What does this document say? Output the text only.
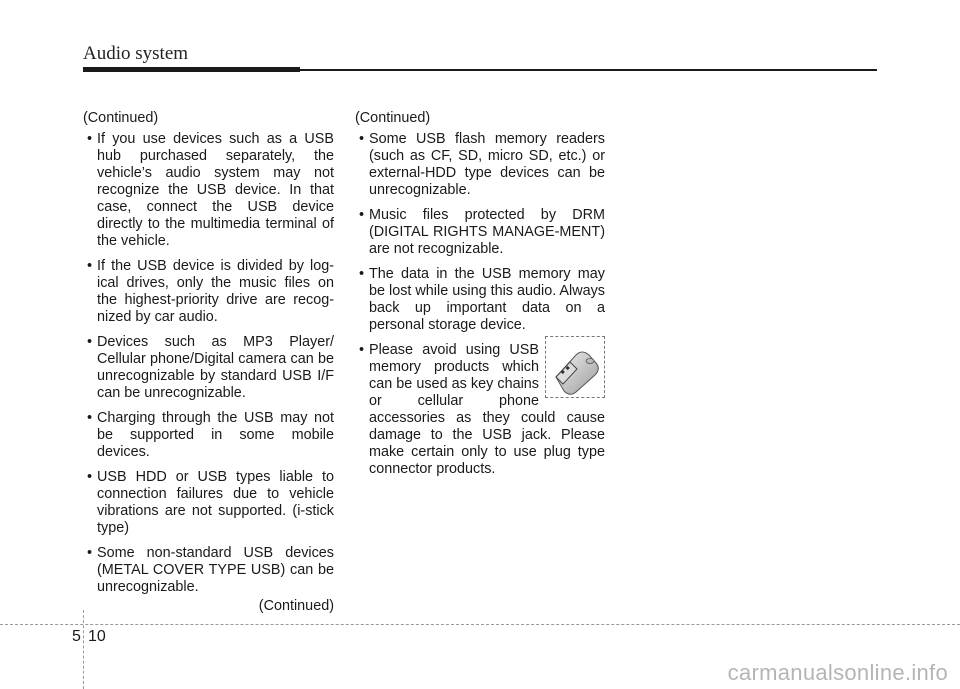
Audio system
(Continued)
• If you use devices such as a USB hub purchased separately, the vehicle’s audio system may not recognize the USB device. In that case, connect the USB device directly to the multimedia terminal of the vehicle.
• If the USB device is divided by log-ical drives, only the music files on the highest-priority drive are recog-nized by car audio.
• Devices such as MP3 Player/ Cellular phone/Digital camera can be unrecognizable by standard USB I/F can be unrecognizable.
• Charging through the USB may not be supported in some mobile devices.
• USB HDD or USB types liable to connection failures due to vehicle vibrations are not supported. (i-stick type)
• Some non-standard USB devices (METAL COVER TYPE USB) can be unrecognizable.
(Continued)
(Continued)
• Some USB flash memory readers (such as CF, SD, micro SD, etc.) or external-HDD type devices can be unrecognizable.
• Music files protected by DRM (DIGITAL RIGHTS MANAGE-MENT) are not recognizable.
• The data in the USB memory may be lost while using this audio. Always back up important data on a personal storage device.
• Please avoid using USB memory products which can be used as key chains or cellular phone accessories as they could cause damage to the USB jack. Please make certain only to use plug type connector products.
5 10
carmanualsonline.info
